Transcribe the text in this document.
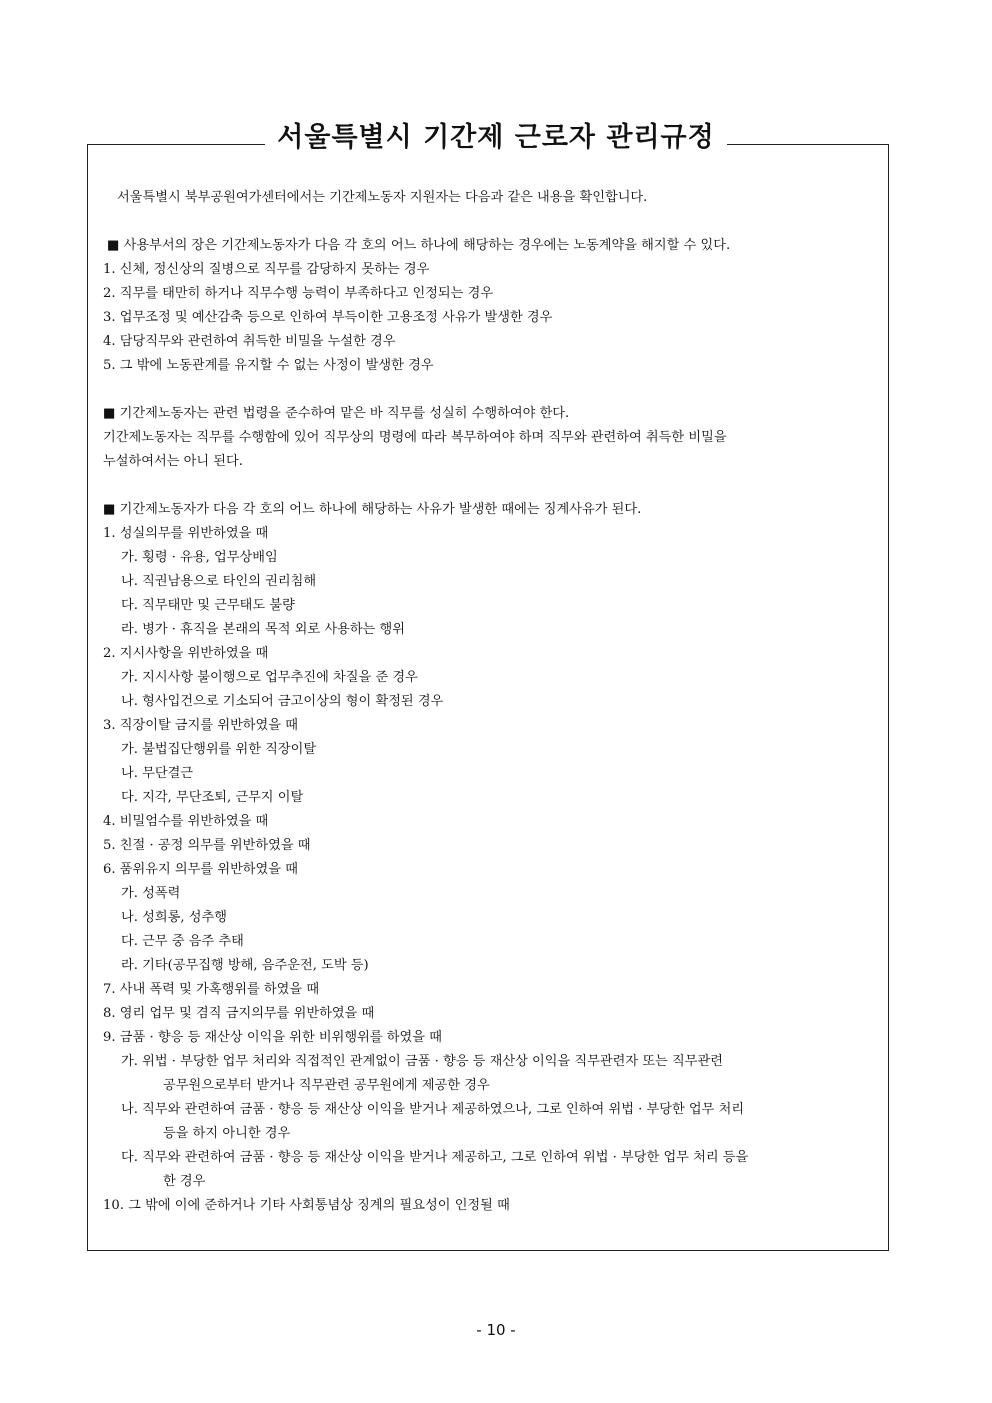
서울특별시 기간제 근로자 관리규정
서울특별시 북부공원여가센터에서는 기간제노동자 지원자는 다음과 같은 내용을 확인합니다.
■ 사용부서의 장은 기간제노동자가 다음 각 호의 어느 하나에 해당하는 경우에는 노동계약을 해지할 수 있다.
1. 신체, 정신상의 질병으로 직무를 감당하지 못하는 경우
2. 직무를 태만히 하거나 직무수행 능력이 부족하다고 인정되는 경우
3. 업무조정 및 예산감축 등으로 인하여 부득이한 고용조정 사유가 발생한 경우
4. 담당직무와 관련하여 취득한 비밀을 누설한 경우
5. 그 밖에 노동관계를 유지할 수 없는 사정이 발생한 경우
■ 기간제노동자는 관련 법령을 준수하여 맡은 바 직무를 성실히 수행하여야 한다.
기간제노동자는 직무를 수행함에 있어 직무상의 명령에 따라 복무하여야 하며 직무와 관련하여 취득한 비밀을
누설하여서는 아니 된다.
■ 기간제노동자가 다음 각 호의 어느 하나에 해당하는 사유가 발생한 때에는 징계사유가 된다.
1. 성실의무를 위반하였을 때
가. 횡령 · 유용, 업무상배임
나. 직권남용으로 타인의 권리침해
다. 직무태만 및 근무태도 불량
라. 병가 · 휴직을 본래의 목적 외로 사용하는 행위
2. 지시사항을 위반하였을 때
가. 지시사항 불이행으로 업무추진에 차질을 준 경우
나. 형사입건으로 기소되어 금고이상의 형이 확정된 경우
3. 직장이탈 금지를 위반하였을 때
가. 불법집단행위를 위한 직장이탈
나. 무단결근
다. 지각, 무단조퇴, 근무지 이탈
4. 비밀엄수를 위반하였을 때
5. 친절 · 공정 의무를 위반하였을 때
6. 품위유지 의무를 위반하였을 때
가. 성폭력
나. 성희롱, 성추행
다. 근무 중 음주 추태
라. 기타(공무집행 방해, 음주운전, 도박 등)
7. 사내 폭력 및 가혹행위를 하였을 때
8. 영리 업무 및 겸직 금지의무를 위반하였을 때
9. 금품 · 향응 등 재산상 이익을 위한 비위행위를 하였을 때
가. 위법 · 부당한 업무 처리와 직접적인 관계없이 금품 · 향응 등 재산상 이익을 직무관련자 또는 직무관련
공무원으로부터 받거나 직무관련 공무원에게 제공한 경우
나. 직무와 관련하여 금품 · 향응 등 재산상 이익을 받거나 제공하였으나, 그로 인하여 위법 · 부당한 업무 처리
등을 하지 아니한 경우
다. 직무와 관련하여 금품 · 향응 등 재산상 이익을 받거나 제공하고, 그로 인하여 위법 · 부당한 업무 처리 등을
한 경우
10. 그 밖에 이에 준하거나 기타 사회통념상 징계의 필요성이 인정될 때
- 10 -
